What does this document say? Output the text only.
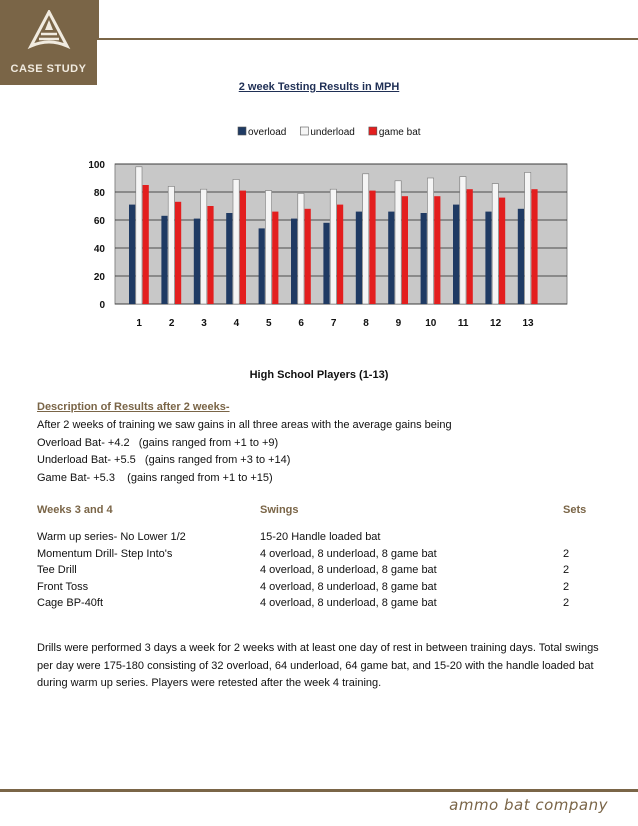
CASE STUDY
2 week Testing Results in MPH
overload underload game bat
0
20
40
60
80
100
1	2	3	4	5	6	7	8	9 10 11 12 13
High School Players (1-13)
Description of Results after 2 weeks-
After 2 weeks of training we saw gains in all three areas with the average gains being
Overload Bat- +4.2   (gains ranged from +1 to +9)
Underload Bat- +5.5   (gains ranged from +3 to +14)
Game Bat- +5.3    (gains ranged from +1 to +15)
Weeks 3 and 4	Swings	Sets
Warm up series- No Lower 1/2	15-20 Handle loaded bat
Momentum Drill- Step Into's	4 overload, 8 underload, 8 game bat	2
Tee Drill	4 overload, 8 underload, 8 game bat	2
Front Toss	4 overload, 8 underload, 8 game bat	2
Cage BP-40ft	4 overload, 8 underload, 8 game bat	2
Drills were performed 3 days a week for 2 weeks with at least one day of rest in between training days. Total swings per day were 175-180 consisting of 32 overload, 64 underload, 64 game bat, and 15-20 with the handle loaded bat during warm up series. Players were retested after the week 4 training.
ammo bat company
